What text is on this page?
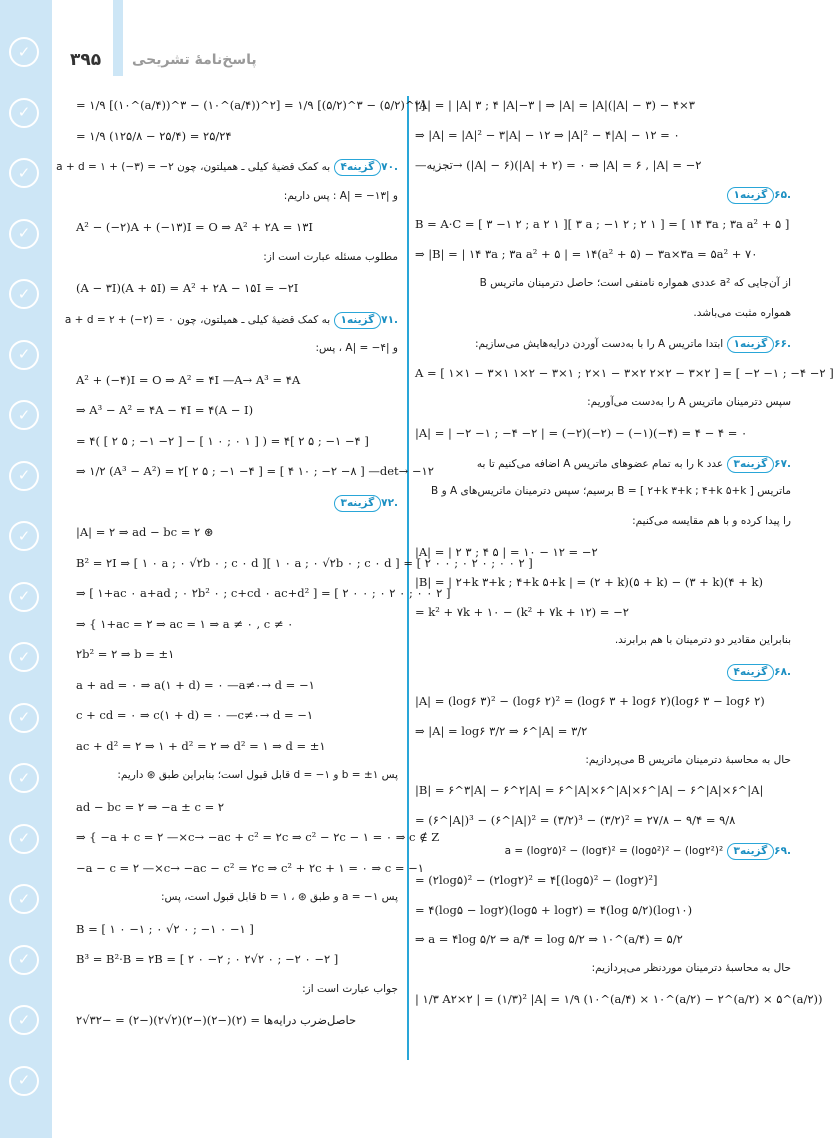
✓
✓
✓
✓
✓
✓
✓
✓
✓
✓
✓
✓
✓
✓
✓
✓
✓
✓
۳۹۵ پاسخ‌نامهٔ تشریحی
= ۱/۹ [(۱۰^(a/۴))^۳ − (۱۰^(a/۴))^۲] = ۱/۹ [(۵/۲)^۳ − (۵/۲)^۲]
= ۱/۹ (۱۲۵/۸ − ۲۵/۴) = ۲۵/۲۴
.۷۰گزینه۴ به کمک قضیهٔ کیلی ـ همیلتون، چون a + d = ۱ + (−۳) = −۲
و |A| = −۱۳ : پس داریم:
A² − (−۲)A + (−۱۳)I = O ⇒ A² + ۲A = ۱۳I
مطلوب مسئله عبارت است از:
(A − ۳I)(A + ۵I) = A² + ۲A − ۱۵I = −۲I
.۷۱گزینه۱ به کمک قضیهٔ کیلی ـ همیلتون، چون a + d = ۲ + (−۲) = ۰
و |A| = −۴ ، پس:
A² + (−۴)I = O ⇒ A² = ۴I —A→ A³ = ۴A
⇒ A³ − A² = ۴A − ۴I = ۴(A − I)
= ۴( [ ۲ ۵ ; −۱ −۲ ] − [ ۱ ۰ ; ۰ ۱ ] ) = ۴[ ۲ ۵ ; −۱ −۴ ]
⇒ ۱/۲ (A³ − A²) = ۲[ ۲ ۵ ; −۱ −۴ ] = [ ۴ ۱۰ ; −۲ −۸ ] —det→ −۱۲
.۷۲گزینه۳
|A| = ۲ ⇒ ad − bc = ۲ ⊛
B² = ۲I ⇒ [ ۱ ۰ a ; ۰ √۲b ۰ ; c ۰ d ][ ۱ ۰ a ; ۰ √۲b ۰ ; c ۰ d ] = [ ۲ ۰ ۰ ; ۰ ۲ ۰ ; ۰ ۰ ۲ ]
⇒ [ ۱+ac ۰ a+ad ; ۰ ۲b² ۰ ; c+cd ۰ ac+d² ] = [ ۲ ۰ ۰ ; ۰ ۲ ۰ ; ۰ ۰ ۲ ]
⇒ { ۱+ac = ۲ ⇒ ac = ۱ ⇒ a ≠ ۰ , c ≠ ۰
۲b² = ۲ ⇒ b = ±۱
a + ad = ۰ ⇒ a(۱ + d) = ۰ —a≠۰→ d = −۱
c + cd = ۰ ⇒ c(۱ + d) = ۰ —c≠۰→ d = −۱
ac + d² = ۲ ⇒ ۱ + d² = ۲ ⇒ d² = ۱ ⇒ d = ±۱
پس b = ±۱ و d = −۱ قابل قبول است؛ بنابراین طبق ⊛ داریم:
ad − bc = ۲ ⇒ −a ± c = ۲
⇒ { −a + c = ۲ —×c→ −ac + c² = ۲c ⇒ c² − ۲c − ۱ = ۰ ⇒ c ∉ Z
−a − c = ۲ —×c→ −ac − c² = ۲c ⇒ c² + ۲c + ۱ = ۰ ⇒ c = −۱
پس a = −۱ و طبق ⊛ ، b = ۱ قابل قبول است، پس:
B = [ ۱ ۰ −۱ ; ۰ √۲ ۰ ; −۱ ۰ −۱ ]
B³ = B²·B = ۲B = [ ۲ ۰ −۲ ; ۰ ۲√۲ ۰ ; −۲ ۰ −۲ ]
جواب عبارت است از:
حاصل‌ضرب درایه‌ها = (۲)(−۲)(−۲)(۲√۲)(−۲) = −۳۲√۲
|A| = | |A| ۳ ; ۴ |A|−۳ | ⇒ |A| = |A|(|A| − ۳) − ۴×۳
⇒ |A| = |A|² − ۳|A| − ۱۲ ⇒ |A|² − ۴|A| − ۱۲ = ۰
—تجزیه→ (|A| − ۶)(|A| + ۲) = ۰ ⇒ |A| = ۶ , |A| = −۲
.۶۵گزینه۱
B = A·C = [ ۳ −۱ ۲ ; a ۲ ۱ ][ ۳ a ; −۱ ۲ ; ۲ ۱ ] = [ ۱۴ ۳a ; ۳a a² + ۵ ]
⇒ |B| = | ۱۴ ۳a ; ۳a a² + ۵ | = ۱۴(a² + ۵) − ۳a×۳a = ۵a² + ۷۰
از آن‌جایی که a² عددی همواره نامنفی است؛ حاصل دترمینان ماتریس B
همواره مثبت می‌باشد.
.۶۶گزینه۱ ابتدا ماتریس A را با به‌دست آوردن درایه‌هایش می‌سازیم:
A = [ ۱×۱ − ۳×۱ ۱×۲ − ۳×۱ ; ۲×۱ − ۳×۲ ۲×۲ − ۳×۲ ] = [ −۲ −۱ ; −۴ −۲ ]
سپس دترمینان ماتریس A را به‌دست می‌آوریم:
|A| = | −۲ −۱ ; −۴ −۲ | = (−۲)(−۲) − (−۱)(−۴) = ۴ − ۴ = ۰
.۶۷گزینه۳ عدد k را به تمام عضوهای ماتریس A اضافه می‌کنیم تا به
ماتریس B = [ ۲+k ۳+k ; ۴+k ۵+k ] برسیم؛ سپس دترمینان ماتریس‌های A و B
را پیدا کرده و با هم مقایسه می‌کنیم:
|A| = | ۲ ۳ ; ۴ ۵ | = ۱۰ − ۱۲ = −۲
|B| = | ۲+k ۳+k ; ۴+k ۵+k | = (۲ + k)(۵ + k) − (۳ + k)(۴ + k)
= k² + ۷k + ۱۰ − (k² + ۷k + ۱۲) = −۲
بنابراین مقادیر دو دترمینان با هم برابرند.
.۶۸گزینه۴
|A| = (log۶ ۳)² − (log۶ ۲)² = (log۶ ۳ + log۶ ۲)(log۶ ۳ − log۶ ۲)
⇒ |A| = log۶ ۳/۲ ⇒ ۶^|A| = ۳/۲
حال به محاسبهٔ دترمینان ماتریس B می‌پردازیم:
|B| = ۶^۳|A| − ۶^۲|A| = ۶^|A|×۶^|A|×۶^|A| − ۶^|A|×۶^|A|
= (۶^|A|)³ − (۶^|A|)² = (۳/۲)³ − (۳/۲)² = ۲۷/۸ − ۹/۴ = ۹/۸
.۶۹گزینه۳ a = (log۲۵)² − (log۴)² = (log۵²)² − (log۲²)²
= (۲log۵)² − (۲log۲)² = ۴[(log۵)² − (log۲)²]
= ۴(log۵ − log۲)(log۵ + log۲) = ۴(log ۵/۲)(log۱۰)
⇒ a = ۴log ۵/۲ ⇒ a/۴ = log ۵/۲ ⇒ ۱۰^(a/۴) = ۵/۲
حال به محاسبهٔ دترمینان موردنظر می‌پردازیم:
| ۱/۳ A۲×۲ | = (۱/۳)² |A| = ۱/۹ (۱۰^(a/۴) × ۱۰^(a/۲) − ۲^(a/۲) × ۵^(a/۲))
